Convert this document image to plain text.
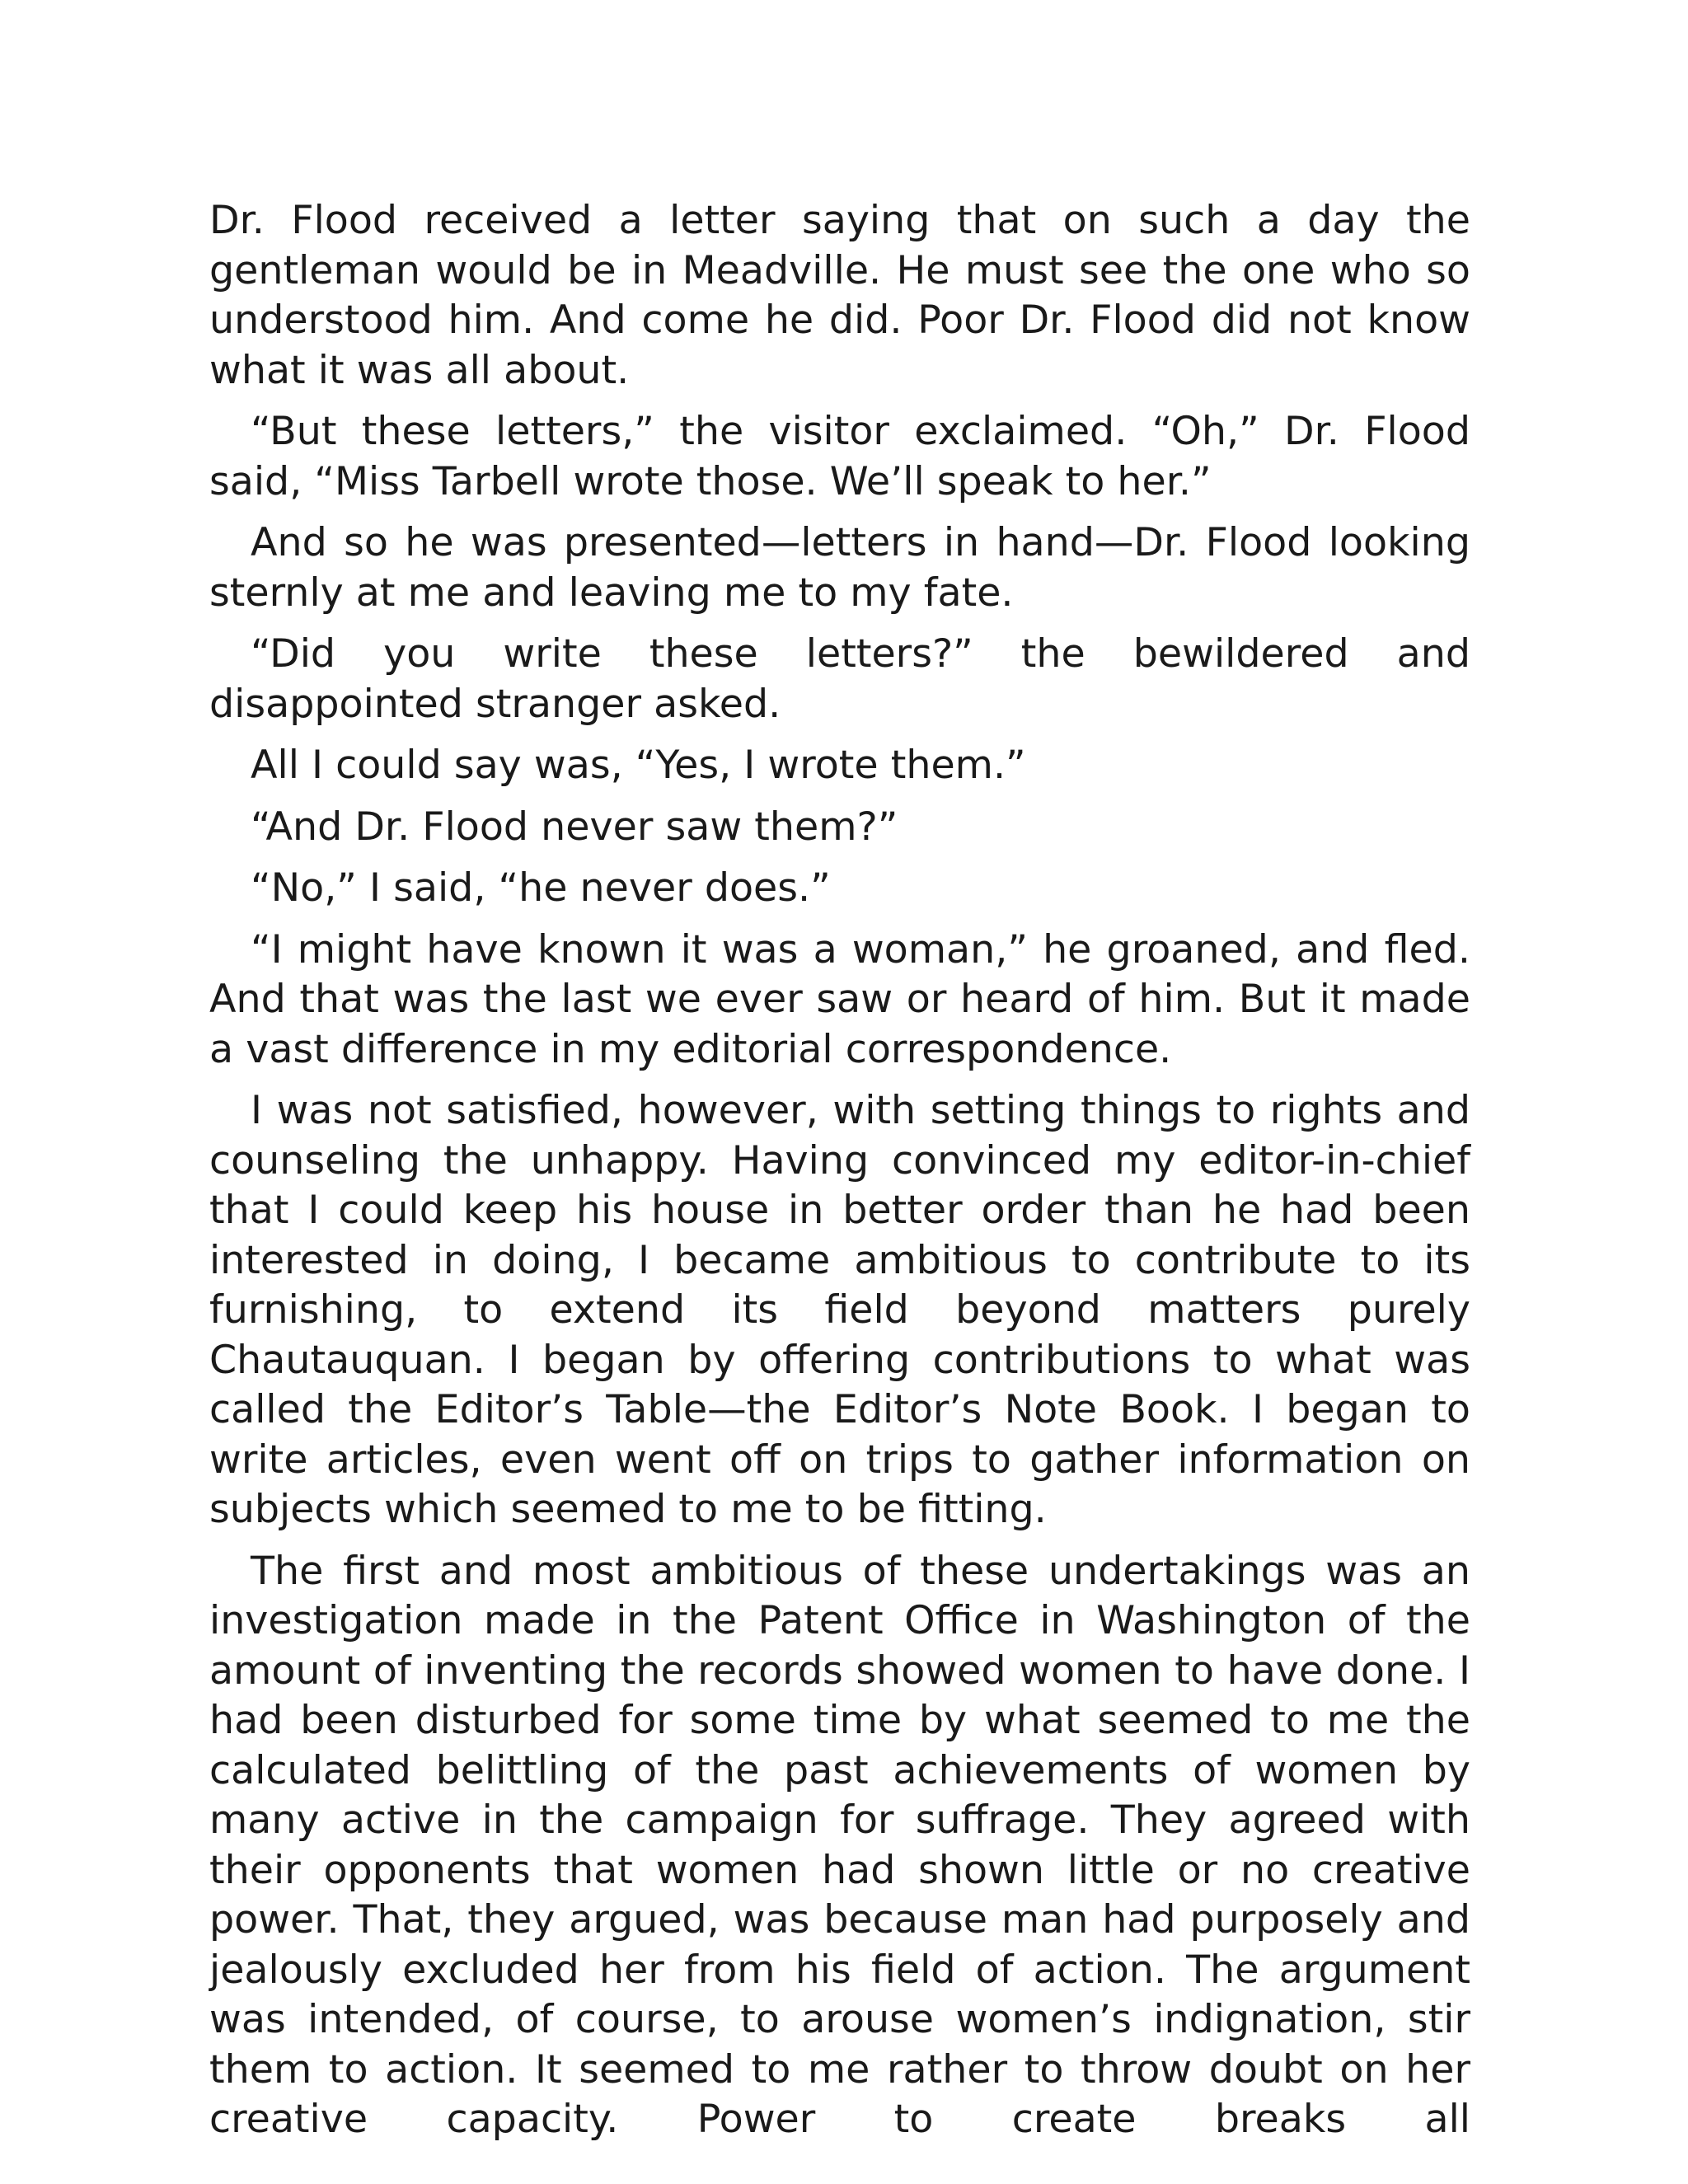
Dr. Flood received a letter saying that on such a day the gentleman would be in Meadville. He must see the one who so understood him. And come he did. Poor Dr. Flood did not know what it was all about.

“But these letters,” the visitor exclaimed. “Oh,” Dr. Flood said, “Miss Tarbell wrote those. We’ll speak to her.”

And so he was presented—letters in hand—Dr. Flood looking sternly at me and leaving me to my fate.

“Did you write these letters?” the bewildered and disappointed stranger asked.

All I could say was, “Yes, I wrote them.”

“And Dr. Flood never saw them?”

“No,” I said, “he never does.”

“I might have known it was a woman,” he groaned, and fled. And that was the last we ever saw or heard of him. But it made a vast difference in my editorial correspondence.

I was not satisfied, however, with setting things to rights and counseling the unhappy. Having convinced my editor-in-chief that I could keep his house in better order than he had been interested in doing, I became ambitious to contribute to its furnishing, to extend its field beyond matters purely Chautauquan. I began by offering contributions to what was called the Editor’s Table—the Editor’s Note Book. I began to write articles, even went off on trips to gather information on subjects which seemed to me to be fitting.

The first and most ambitious of these undertakings was an investigation made in the Patent Office in Washington of the amount of inventing the records showed women to have done. I had been disturbed for some time by what seemed to me the calculated belittling of the past achievements of women by many active in the campaign for suffrage. They agreed with their opponents that women had shown little or no creative power. That, they argued, was because man had purposely and jealously excluded her from his field of action. The argument was intended, of course, to arouse women’s indignation, stir them to action. It seemed to me rather to throw doubt on her creative capacity. Power to create breaks all
